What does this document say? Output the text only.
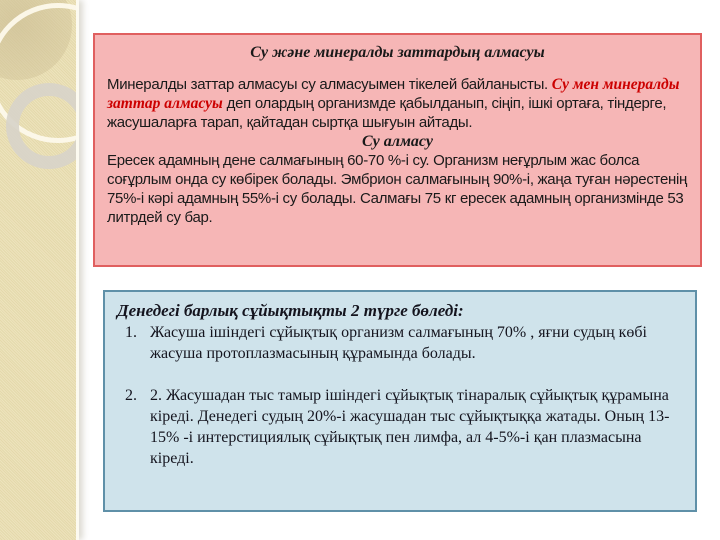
Су және минералды заттардың алмасуы
Минералды заттар алмасуы су алмасуымен тікелей байланысты. Су мен минералды заттар алмасуы деп олардың организмде қабылданып, сіңіп, ішкі ортаға, тіндерге, жасушаларға тарап, қайтадан сыртқа шығуын айтады.
Су алмасу
Ересек адамның дене салмағының 60-70 %-і су. Организм неғұрлым жас болса соғұрлым онда су көбірек болады. Эмбрион салмағының 90%-і, жаңа туған нәрестенің 75%-і кәрі адамның 55%-і су болады. Салмағы 75 кг ересек адамның организмінде 53 литрдей су бар.
Денедегі барлық сұйықтықты 2 түрге бөледі:
1. Жасуша ішіндегі сұйықтық организм салмағының 70% , яғни судың көбі жасуша протоплазмасының құрамында болады.
2. 2. Жасушадан тыс тамыр ішіндегі сұйықтық тінаралық сұйықтық құрамына кіреді. Денедегі судың 20%-і жасушадан тыс сұйықтыққа жатады. Оның 13-15% -і интерстициялық сұйықтық пен лимфа, ал 4-5%-і қан плазмасына кіреді.
